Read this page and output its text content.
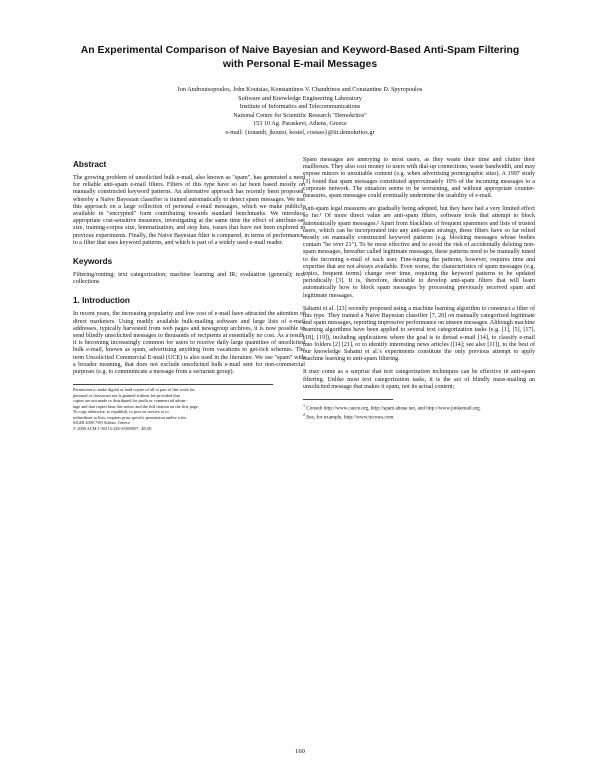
An Experimental Comparison of Naive Bayesian and Keyword-Based Anti-Spam Filtering
with Personal E-mail Messages
Ion Androutsopoulos, John Koutsias, Konstantinos V. Chandrinos and Constantine D. Spyropoulos
Software and Knowledge Engineering Laboratory
Institute of Informatics and Telecommunications
National Centre for Scientific Research "Demokritos"
153 10 Ag. Paraskevi, Athens, Greece
e-mail: {ionandr, jkoutsi, kostel, costass}@iit.demokritos.gr
Abstract

The growing problem of unsolicited bulk e-mail, also known as "spam", has generated a need for reliable anti-spam e-mail filters. Filters of this type have so far been based mostly on manually constructed keyword patterns. An alternative approach has recently been proposed, whereby a Naive Bayesian classifier is trained automatically to detect spam messages. We test this approach on a large collection of personal e-mail messages, which we make publicly available in "encrypted" form contributing towards standard benchmarks. We introduce appropriate cost-sensitive measures, investigating at the same time the effect of attribute-set size, training-corpus size, lemmatization, and stop lists, issues that have not been explored in previous experiments. Finally, the Naive Bayesian filter is compared, in terms of performance, to a filter that uses keyword patterns, and which is part of a widely used e-mail reader.

Keywords

Filtering/routing; text categorization; machine learning and IR; evaluation (general); text collections

1. Introduction

In recent years, the increasing popularity and low cost of e-mail have attracted the attention of direct marketers. Using readily available bulk-mailing software and large lists of e-mail addresses, typically harvested from web pages and newsgroup archives, it is now possible to send blindly unsolicited messages to thousands of recipients at essentially no cost. As a result, it is becoming increasingly common for users to receive daily large quantities of unsolicited bulk e-mail, known as spam, advertising anything from vacations to get-rich schemes. The term Unsolicited Commercial E-mail (UCE) is also used in the literature. We use "spam" with a broader meaning, that does not exclude unsolicited bulk e-mail sent for non-commercial purposes (e.g. to communicate a message from a sectarian group).

Permission to make digital or hard copies of all or part of this work for
personal or classroom use is granted without fee provided that
copies are not made or distributed for profit or commercial advan-
tage and that copies bear this notice and the full citation on the first page.
To copy otherwise, to republish, to post on servers or to
redistribute to lists, requires prior specific permission and/or a fee.
SIGIR 2000 7/00 Athens, Greece
© 2000 ACM 1-58113-226-3/00/0007...$5.00

Spam messages are annoying to most users, as they waste their time and clutter their mailboxes. They also cost money to users with dial-up connections, waste bandwidth, and may expose minors to unsuitable content (e.g. when advertising pornographic sites). A 1997 study [3] found that spam messages constituted approximately 10% of the incoming messages to a corporate network. The situation seems to be worsening, and without appropriate counter-measures, spam messages could eventually undermine the usability of e-mail.

Anti-spam legal measures are gradually being adopted, but they have had a very limited effect so far.¹ Of more direct value are anti-spam filters, software tools that attempt to block automatically spam messages.² Apart from blacklists of frequent spammers and lists of trusted users, which can be incorporated into any anti-spam strategy, these filters have so far relied mostly on manually constructed keyword patterns (e.g. blocking messages whose bodies contain "be over 21"). To be most effective and to avoid the risk of accidentally deleting non-spam messages, hereafter called legitimate messages, these patterns need to be manually tuned to the incoming e-mail of each user. Fine-tuning the patterns, however, requires time and expertise that are not always available. Even worse, the characteristics of spam messages (e.g. topics, frequent terms) change over time, requiring the keyword patterns to be updated periodically [3]. It is, therefore, desirable to develop anti-spam filters that will learn automatically how to block spam messages by processing previously received spam and legitimate messages.

Sahami et al. [23] recently proposed using a machine learning algorithm to construct a filter of this type. They trained a Naive Bayesian classifier [7, 20] on manually categorized legitimate and spam messages, reporting impressive performance on unseen messages. Although machine learning algorithms have been applied to several text categorization tasks (e.g. [1], [5], [17], [18], [19]), including applications where the goal is to thread e-mail [14], to classify e-mail into folders [2] [21], or to identify interesting news articles ([14]; see also [11]), to the best of our knowledge Sahami et al.'s experiments constitute the only previous attempt to apply machine learning to anti-spam filtering.

It may come as a surprise that text categorization techniques can be effective in anti-spam filtering. Unlike most text categorization tasks, it is the act of blindly mass-mailing an unsolicited message that makes it spam, not its actual content;

$^1$ Consult http://www.cauce.org, http://spam.abuse.net, and http://www.junkemail.org.
$^2$ See, for example, http://www.tucows.com.
160
